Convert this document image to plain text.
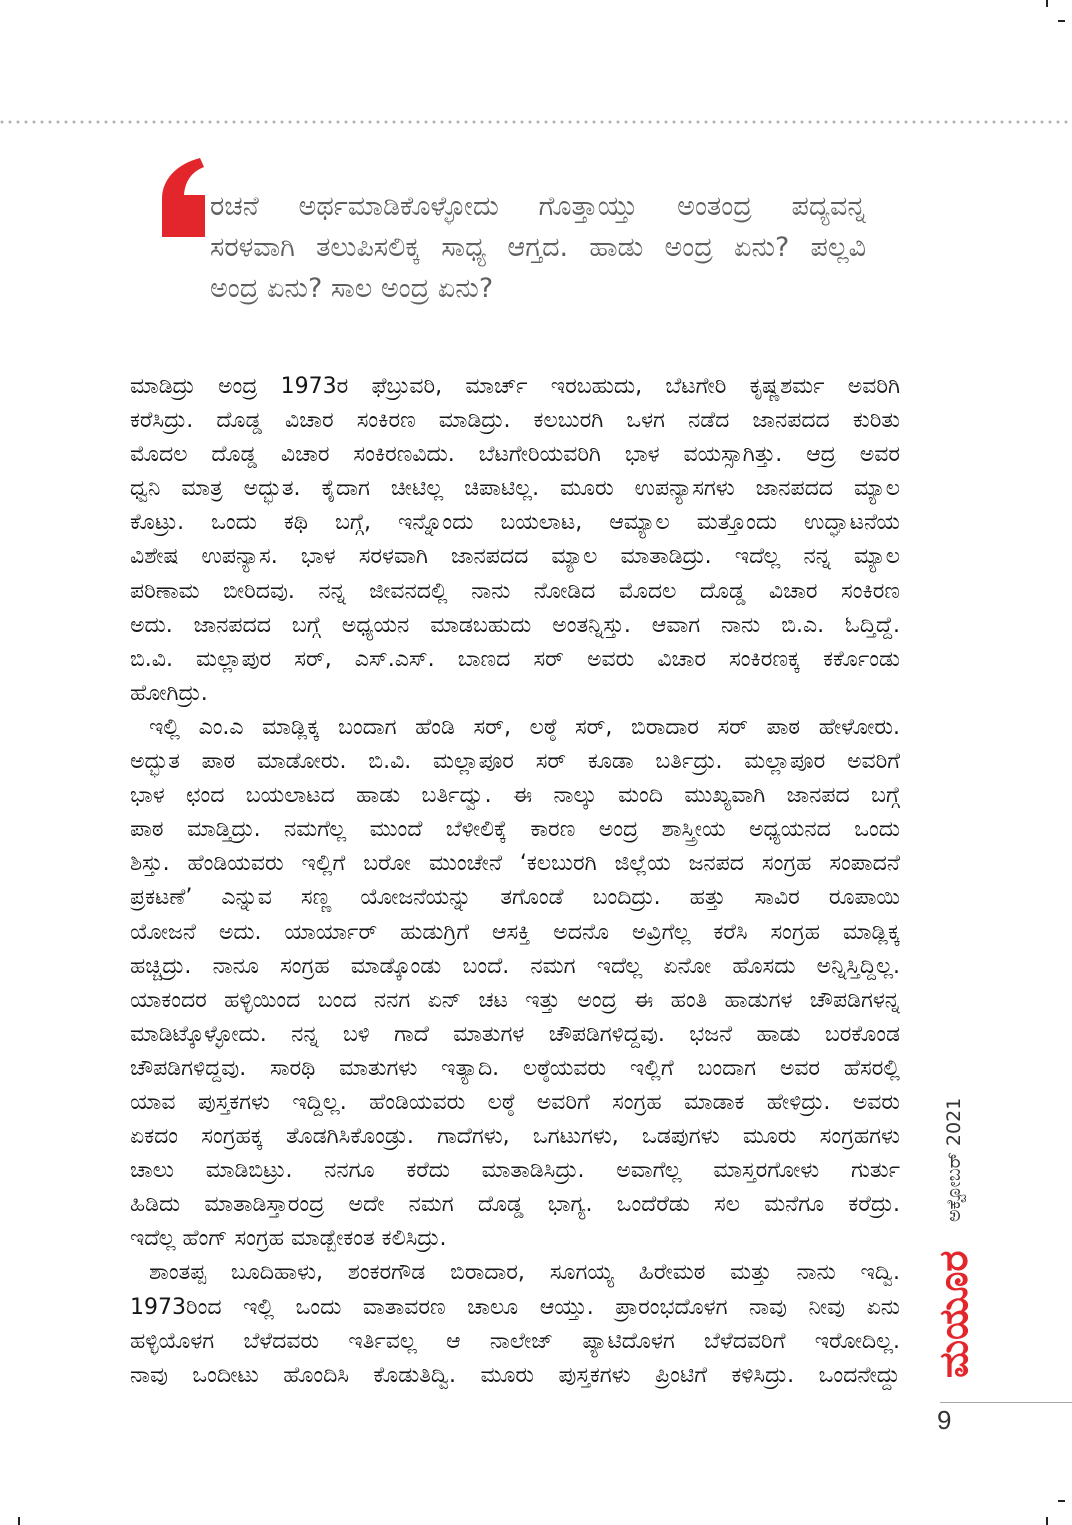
ರಚನೆ ಅರ್ಥಮಾಡಿಕೊಳ್ಳೋದು ಗೊತ್ತಾಯ್ತು ಅಂತಂದ್ರ ಪದ್ಯವನ್ನ
ಸರಳವಾಗಿ ತಲುಪಿಸಲಿಕ್ಕ ಸಾಧ್ಯ ಆಗ್ತದ. ಹಾಡು ಅಂದ್ರ ಏನು? ಪಲ್ಲವಿ
ಅಂದ್ರ ಏನು? ಸಾಲ ಅಂದ್ರ ಏನು?
ಮಾಡಿದ್ರು ಅಂದ್ರ 1973ರ ಫೆಬ್ರುವರಿ, ಮಾರ್ಚ್ ಇರಬಹುದು, ಬೆಟಗೇರಿ ಕೃಷ್ಣಶರ್ಮ ಅವರಿಗಿ
ಕರೆಸಿದ್ರು. ದೊಡ್ಡ ವಿಚಾರ ಸಂಕಿರಣ ಮಾಡಿದ್ರು. ಕಲಬುರಗಿ ಒಳಗ ನಡೆದ ಜಾನಪದದ ಕುರಿತು
ಮೊದಲ ದೊಡ್ಡ ವಿಚಾರ ಸಂಕಿರಣವಿದು. ಬೆಟಗೇರಿಯವರಿಗಿ ಭಾಳ ವಯಸ್ಸಾಗಿತ್ತು. ಆದ್ರ ಅವರ
ಧ್ವನಿ ಮಾತ್ರ ಅದ್ಭುತ. ಕೈದಾಗ ಚೀಟಿಲ್ಲ ಚಿಪಾಟಿಲ್ಲ. ಮೂರು ಉಪನ್ಯಾಸಗಳು ಜಾನಪದದ ಮ್ಯಾಲ
ಕೊಟ್ರು. ಒಂದು ಕಥಿ ಬಗ್ಗೆ, ಇನ್ನೊಂದು ಬಯಲಾಟ, ಆಮ್ಯಾಲ ಮತ್ತೊಂದು ಉದ್ಘಾಟನೆಯ
ವಿಶೇಷ ಉಪನ್ಯಾಸ. ಭಾಳ ಸರಳವಾಗಿ ಜಾನಪದದ ಮ್ಯಾಲ ಮಾತಾಡಿದ್ರು. ಇದೆಲ್ಲ ನನ್ನ ಮ್ಯಾಲ
ಪರಿಣಾಮ ಬೀರಿದವು. ನನ್ನ ಜೀವನದಲ್ಲಿ ನಾನು ನೋಡಿದ ಮೊದಲ ದೊಡ್ಡ ವಿಚಾರ ಸಂಕಿರಣ
ಅದು. ಜಾನಪದದ ಬಗ್ಗೆ ಅಧ್ಯಯನ ಮಾಡಬಹುದು ಅಂತನ್ನಿಸ್ತು. ಆವಾಗ ನಾನು ಬಿ.ಎ. ಓದ್ತಿದ್ದೆ.
ಬಿ.ವಿ. ಮಲ್ಲಾಪುರ ಸರ್, ಎಸ್.ಎಸ್. ಬಾಣದ ಸರ್ ಅವರು ವಿಚಾರ ಸಂಕಿರಣಕ್ಕ ಕರ್ಕೊಂಡು
ಹೋಗಿದ್ರು.
ಇಲ್ಲಿ ಎಂ.ಎ ಮಾಡ್ಲಿಕ್ಕ ಬಂದಾಗ ಹೆಂಡಿ ಸರ್, ಲಠ್ಠೆ ಸರ್, ಬಿರಾದಾರ ಸರ್ ಪಾಠ ಹೇಳೋರು.
ಅದ್ಭುತ ಪಾಠ ಮಾಡೋರು. ಬಿ.ವಿ. ಮಲ್ಲಾಪೂರ ಸರ್ ಕೂಡಾ ಬರ್ತಿದ್ರು. ಮಲ್ಲಾಪೂರ ಅವರಿಗೆ
ಭಾಳ ಛಂದ ಬಯಲಾಟದ ಹಾಡು ಬರ್ತಿದ್ವು. ಈ ನಾಲ್ಕು ಮಂದಿ ಮುಖ್ಯವಾಗಿ ಜಾನಪದ ಬಗ್ಗೆ
ಪಾಠ ಮಾಡ್ತಿದ್ರು. ನಮಗೆಲ್ಲ ಮುಂದೆ ಬೆಳೀಲಿಕ್ಕೆ ಕಾರಣ ಅಂದ್ರ ಶಾಸ್ತ್ರೀಯ ಅಧ್ಯಯನದ ಒಂದು
ಶಿಸ್ತು. ಹೆಂಡಿಯವರು ಇಲ್ಲಿಗೆ ಬರೋ ಮುಂಚೇನೆ ‘ಕಲಬುರಗಿ ಜಿಲ್ಲೆಯ ಜನಪದ ಸಂಗ್ರಹ ಸಂಪಾದನೆ
ಪ್ರಕಟಣೆ’ ಎನ್ನುವ ಸಣ್ಣ ಯೋಜನೆಯನ್ನು ತಗೊಂಡೆ ಬಂದಿದ್ರು. ಹತ್ತು ಸಾವಿರ ರೂಪಾಯಿ
ಯೋಜನೆ ಅದು. ಯಾರ್ಯಾರ್ ಹುಡುಗ್ರಿಗೆ ಆಸಕ್ತಿ ಅದನೊ ಅವ್ರಿಗೆಲ್ಲ ಕರೆಸಿ ಸಂಗ್ರಹ ಮಾಡ್ಲಿಕ್ಕ
ಹಚ್ಚಿದ್ರು. ನಾನೂ ಸಂಗ್ರಹ ಮಾಡ್ಕೊಂಡು ಬಂದೆ. ನಮಗ ಇದೆಲ್ಲ ಏನೋ ಹೊಸದು ಅನ್ನಿಸ್ತಿದ್ದಿಲ್ಲ.
ಯಾಕಂದರ ಹಳ್ಳಿಯಿಂದ ಬಂದ ನನಗ ಏನ್ ಚಟ ಇತ್ತು ಅಂದ್ರ ಈ ಹಂತಿ ಹಾಡುಗಳ ಚೌಪಡಿಗಳನ್ನ
ಮಾಡಿಟ್ಕೊಳ್ಳೋದು. ನನ್ನ ಬಳಿ ಗಾದೆ ಮಾತುಗಳ ಚೌಪಡಿಗಳಿದ್ದವು. ಭಜನೆ ಹಾಡು ಬರಕೊಂಡ
ಚೌಪಡಿಗಳಿದ್ದವು. ಸಾರಥಿ ಮಾತುಗಳು ಇತ್ಯಾದಿ. ಲಠ್ಠೆಯವರು ಇಲ್ಲಿಗೆ ಬಂದಾಗ ಅವರ ಹೆಸರಲ್ಲಿ
ಯಾವ ಪುಸ್ತಕಗಳು ಇದ್ದಿಲ್ಲ. ಹೆಂಡಿಯವರು ಲಠ್ಠೆ ಅವರಿಗೆ ಸಂಗ್ರಹ ಮಾಡಾಕ ಹೇಳಿದ್ರು. ಅವರು
ಏಕದಂ ಸಂಗ್ರಹಕ್ಕ ತೊಡಗಿಸಿಕೊಂಡ್ರು. ಗಾದೆಗಳು, ಒಗಟುಗಳು, ಒಡಪುಗಳು ಮೂರು ಸಂಗ್ರಹಗಳು
ಚಾಲು ಮಾಡಿಬಿಟ್ರು. ನನಗೂ ಕರೆದು ಮಾತಾಡಿಸಿದ್ರು. ಅವಾಗೆಲ್ಲ ಮಾಸ್ತರಗೋಳು ಗುರ್ತು
ಹಿಡಿದು ಮಾತಾಡಿಸ್ತಾರಂದ್ರ ಅದೇ ನಮಗ ದೊಡ್ಡ ಭಾಗ್ಯ. ಒಂದೆರೆಡು ಸಲ ಮನೆಗೂ ಕರೆದ್ರು.
ಇದೆಲ್ಲ ಹೆಂಗ್ ಸಂಗ್ರಹ ಮಾಡ್ಬೇಕಂತ ಕಲಿಸಿದ್ರು.
ಶಾಂತಪ್ಪ ಬೂದಿಹಾಳು, ಶಂಕರಗೌಡ ಬಿರಾದಾರ, ಸೂಗಯ್ಯ ಹಿರೇಮಠ ಮತ್ತು ನಾನು ಇದ್ವಿ.
1973ರಿಂದ ಇಲ್ಲಿ ಒಂದು ವಾತಾವರಣ ಚಾಲೂ ಆಯ್ತು. ಪ್ರಾರಂಭದೊಳಗ ನಾವು ನೀವು ಏನು
ಹಳ್ಳಿಯೊಳಗ ಬೆಳೆದವರು ಇರ್ತಿವಲ್ಲ ಆ ನಾಲೇಜ್ ಪ್ಯಾಟಿದೊಳಗ ಬೆಳೆದವರಿಗೆ ಇರೋದಿಲ್ಲ.
ನಾವು ಒಂದೀಟು ಹೊಂದಿಸಿ ಕೊಡುತಿದ್ವಿ. ಮೂರು ಪುಸ್ತಕಗಳು ಪ್ರಿಂಟಿಗೆ ಕಳಿಸಿದ್ರು. ಒಂದನೇದ್ದು
ಅಕ್ಟೋಬರ್ 2021
ಮಯೂರ
9
